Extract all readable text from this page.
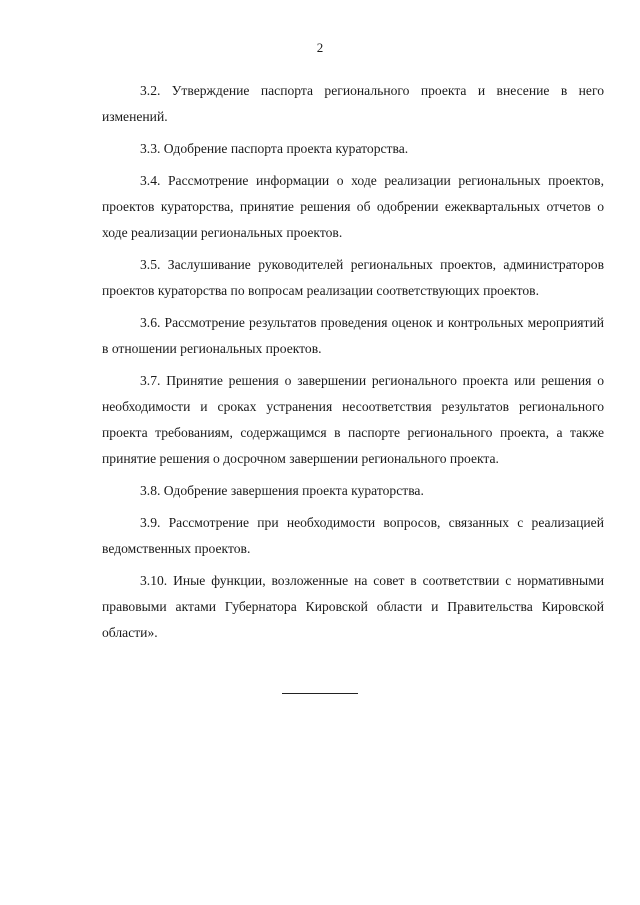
2

3.2. Утверждение паспорта регионального проекта и внесение в него изменений.

3.3. Одобрение паспорта проекта кураторства.

3.4. Рассмотрение информации о ходе реализации региональных проектов, проектов кураторства, принятие решения об одобрении ежеквартальных отчетов о ходе реализации региональных проектов.

3.5. Заслушивание руководителей региональных проектов, администраторов проектов кураторства по вопросам реализации соответствующих проектов.

3.6. Рассмотрение результатов проведения оценок и контрольных мероприятий в отношении региональных проектов.

3.7. Принятие решения о завершении регионального проекта или решения о необходимости и сроках устранения несоответствия результатов регионального проекта требованиям, содержащимся в паспорте регионального проекта, а также принятие решения о досрочном завершении регионального проекта.

3.8. Одобрение завершения проекта кураторства.

3.9. Рассмотрение при необходимости вопросов, связанных с реализацией ведомственных проектов.

3.10. Иные функции, возложенные на совет в соответствии с нормативными правовыми актами Губернатора Кировской области и Правительства Кировской области».
